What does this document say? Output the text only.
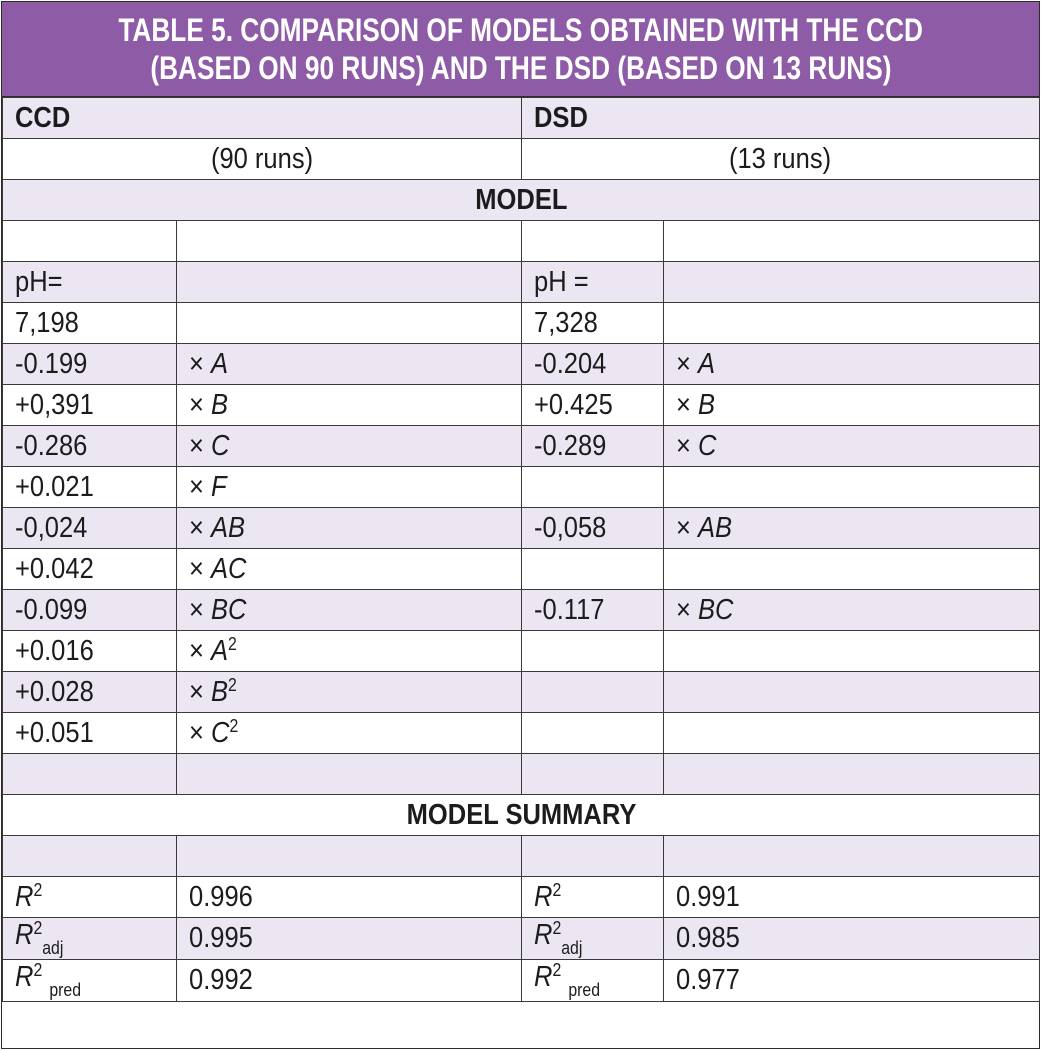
TABLE 5. COMPARISON OF MODELS OBTAINED WITH THE CCD
(BASED ON 90 RUNS) AND THE DSD (BASED ON 13 RUNS)
CCD		DSD	
(90 runs)		(13 runs)	
MODEL			

pH=		pH =	
7,198		7,328	
-0.199	× A	-0.204	× A
+0,391	× B	+0.425	× B
-0.286	× C	-0.289	× C
+0.021	× F		
-0,024	× AB	-0,058	× AB
+0.042	× AC		
-0.099	× BC	-0.117	× BC
+0.016	× $A^2$		
+0.028	× $B^2$		
+0.051	× $C^2$		

MODEL SUMMARY			

$R^2$	0.996	$R^2$	0.991
$R^2_{adj}$	0.995	$R^2_{adj}$	0.985
$R^2$ $_{pred}$	0.992	$R^2$ $_{pred}$	0.977
